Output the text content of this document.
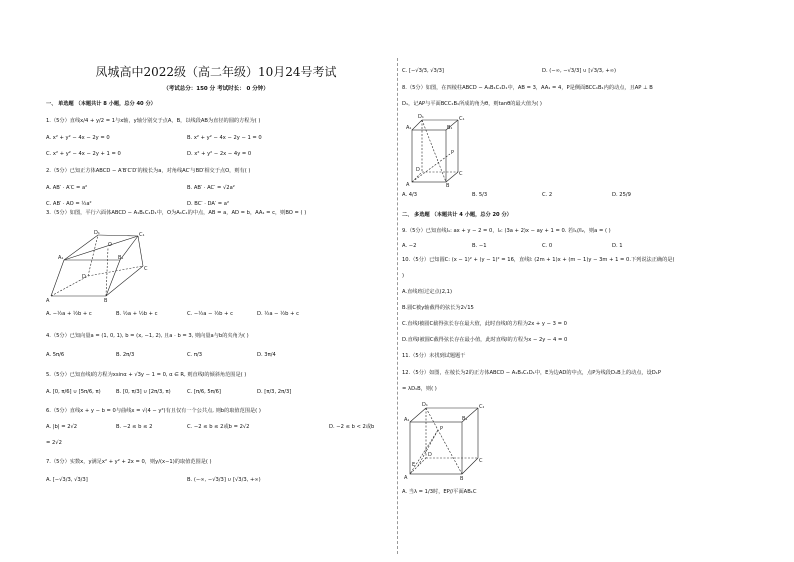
凤城高中2022级（高二年级）10月24号考试
（考试总分：150 分 考试时长： 0 分钟）
一、 单选题 （本题共计 8 小题，总分 40 分）
1.（5分）直线x/4 + y/2 = 1与x轴，y轴分别交于点A，B，以线段AB为直径的圆的方程为( )
A. x² + y² − 4x − 2y = 0	B. x² + y² − 4x − 2y − 1 = 0
C. x² + y² − 4x − 2y + 1 = 0	D. x² + y² − 2x − 4y = 0
2.（5分）已知正方体ABCD − A′B′C′D′的棱长为a，对角线AC′与BD′相交于点O，则有( )
A. AB′ · A′C = a²	B. AB′ · AC′ = √2a²
C. AB′ · AO = ½a²	D. BC′ · DA′ = a²
3.（5分）如图，平行六面体ABCD − A₁B₁C₁D₁中，O为A₁C₁的中点，AB = a，AD = b，AA₁ = c，则BO = ( )
A	B
C
D
A₁	B₁
C₁
D₁
O
A. −½a + ½b + c	B. ½a + ½b + c	C. −½a − ½b + c	D. ½a − ½b + c
4.（5分）已知向量a = (1, 0, 1), b = (x, −1, 2), 且a · b = 3, 则向量a与b的夹角为( )
A. 5π/6	B. 2π/3	C. π/3	D. 3π/4
5.（5分）已知直线l的方程为xsinα + √3y − 1 = 0, α ∈ R, 则直线l的倾斜角范围是( )
A. [0, π/6] ∪ [5π/6, π)	B. [0, π/3] ∪ [2π/3, π)	C. [π/6, 5π/6]	D. [π/3, 2π/3]
6.（5分）直线x + y − b = 0与曲线x = √(4 − y²)有且仅有一个公共点, 则b的取值范围是( )
A. |b| = 2√2	B. −2 ≤ b ≤ 2	C. −2 ≤ b ≤ 2或b = 2√2	D. −2 ≤ b < 2或b
= 2√2
7.（5分）实数x，y满足x² + y² + 2x = 0，则y/(x−1)的取值范围是( )
A. [−√3/3, √3/3]	B. (−∞, −√3/3] ∪ [√3/3, +∞)
C. [−√3/3, √3/3]	D. (−∞, −√3/3] ∪ [√3/3, +∞)
8.（5分）如图，在四棱柱ABCD − A₁B₁C₁D₁中，AB = 3，AA₁ = 4，P是侧面BCC₁B₁内的动点，且AP ⊥ B
D₁，记AP与平面BCC₁B₁所成的角为θ，则tanθ的最大值为( )
A	B
C
D
A₁	B₁
C₁
D₁
P
A. 4/3	B. 5/3	C. 2	D. 25/9
二、 多选题 （本题共计 4 小题，总分 20 分）
9.（5分）已知直线l₁: ax + y − 2 = 0，l₂: (3a + 2)x − ay + 1 = 0. 若l₁//l₂，则a = ( )
A. −2	B. −1	C. 0	D. 1
10.（5分）已知圆C: (x − 1)² + (y − 1)² = 16，直线l: (2m + 1)x + (m − 1)y − 3m + 1 = 0.下列说法正确的是(
)
A.直线l恒过定点(2,1)
B.圆C被y轴截得的弦长为2√15
C.直线l被圆C截得弦长存在最大值，此时直线l的方程为2x + y − 3 = 0
D.直线l被圆C截得弦长存在最小值，此时直线l的方程为x − 2y − 4 = 0
11.（5分）未找到试题题干
12.（5分）如图，在棱长为2的正方体ABCD − A₁B₁C₁D₁中，E为边AD的中点，点P为线段D₁B上的动点，设D₁P
= λD₁B，则( )
A	B
C
D
A₁	B₁
C₁
D₁
P
E
A. 当λ = 1/3时，EP//平面AB₁C
